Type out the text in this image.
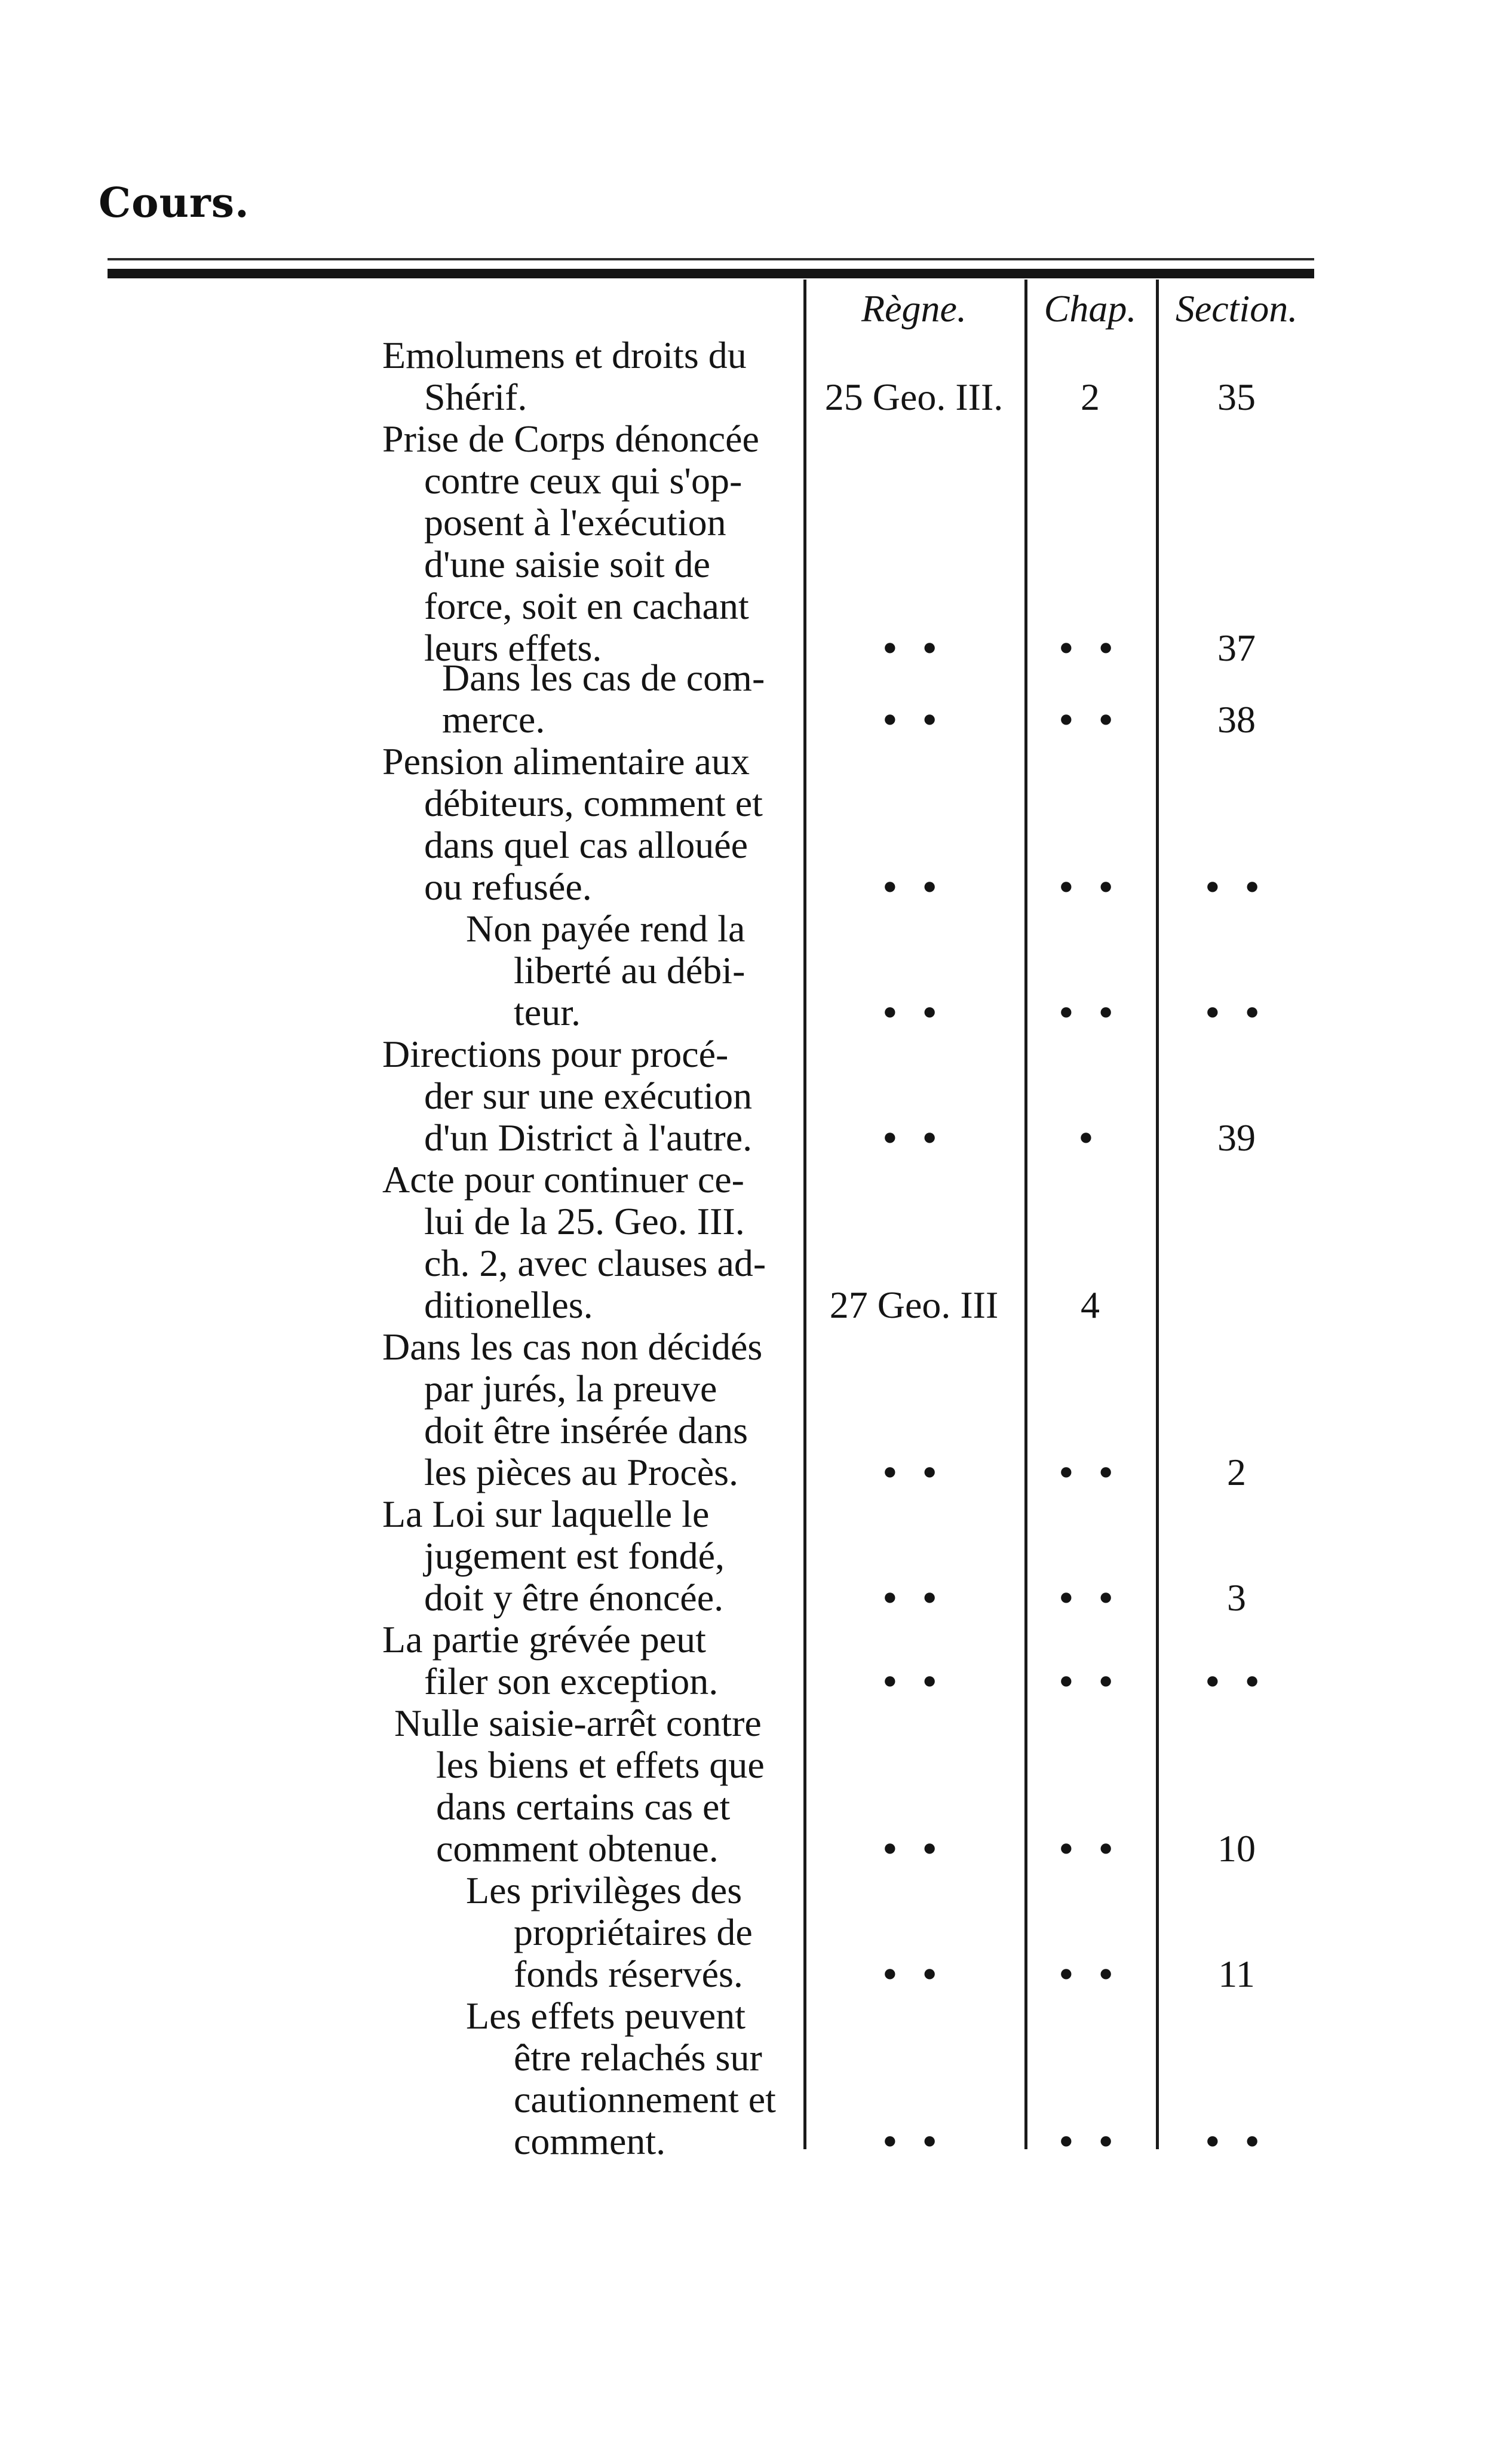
Cours.
Règne.	Chap.	Section.
Emolumens et droits du
Shérif.	25 Geo. III.	2	35
Prise de Corps dénoncée
contre ceux qui s'op-
posent à l'exécution
d'une saisie soit de
force, soit en cachant
leurs effets.	• •	• •	37
Dans les cas de com-
merce.	• •	• •	38
Pension alimentaire aux
débiteurs, comment et
dans quel cas allouée
ou refusée.	• •	• •	• •
Non payée rend la
liberté au débi-
teur.	• •	• •	• •
Directions pour procé-
der sur une exécution
d'un District à l'autre.	• •	•	39
Acte pour continuer ce-
lui de la 25. Geo. III.
ch. 2, avec clauses ad-
ditionelles.	27 Geo. III	4
Dans les cas non décidés
par jurés, la preuve
doit être insérée dans
les pièces au Procès.	• •	• •	2
La Loi sur laquelle le
jugement est fondé,
doit y être énoncée.	• •	• •	3
La partie grévée peut
filer son exception.	• •	• •	• •
Nulle saisie-arrêt contre
les biens et effets que
dans certains cas et
comment obtenue.	• •	• •	10
Les privilèges des
propriétaires de
fonds réservés.	• •	• •	11
Les effets peuvent
être relachés sur
cautionnement et
comment.	• •	• •	• •
